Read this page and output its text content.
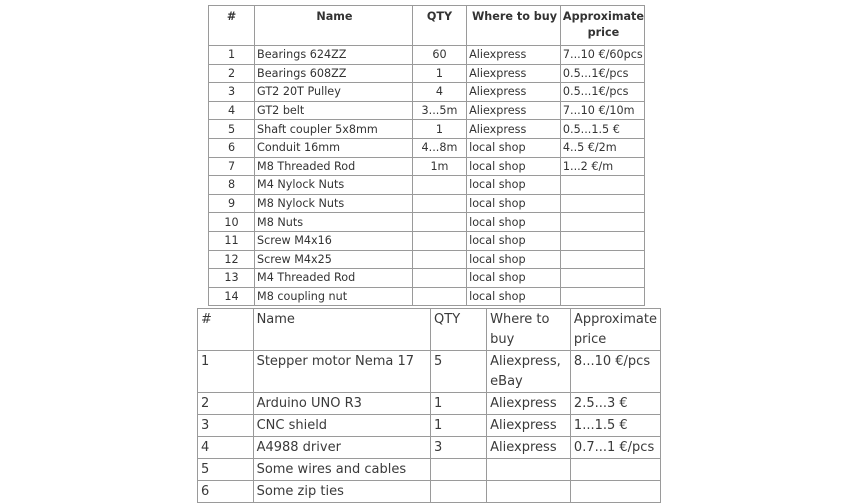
#	Name	QTY	Where to buy	Approximate price
1	Bearings 624ZZ	60	Aliexpress	7...10 €/60pcs
2	Bearings 608ZZ	1	Aliexpress	0.5...1€/pcs
3	GT2 20T Pulley	4	Aliexpress	0.5...1€/pcs
4	GT2 belt	3...5m	Aliexpress	7...10 €/10m
5	Shaft coupler 5x8mm	1	Aliexpress	0.5...1.5 €
6	Conduit 16mm	4...8m	local shop	4..5 €/2m
7	M8 Threaded Rod	1m	local shop	1...2 €/m
8	M4 Nylock Nuts		local shop	
9	M8 Nylock Nuts		local shop	
10	M8 Nuts		local shop	
11	Screw M4x16		local shop	
12	Screw M4x25		local shop	
13	M4 Threaded Rod		local shop	
14	M8 coupling nut		local shop	
#	Name	QTY	Where to buy	Approximate price
1	Stepper motor Nema 17	5	Aliexpress, eBay	8...10 €/pcs
2	Arduino UNO R3	1	Aliexpress	2.5...3 €
3	CNC shield	1	Aliexpress	1...1.5 €
4	A4988 driver	3	Aliexpress	0.7...1 €/pcs
5	Some wires and cables			
6	Some zip ties			
